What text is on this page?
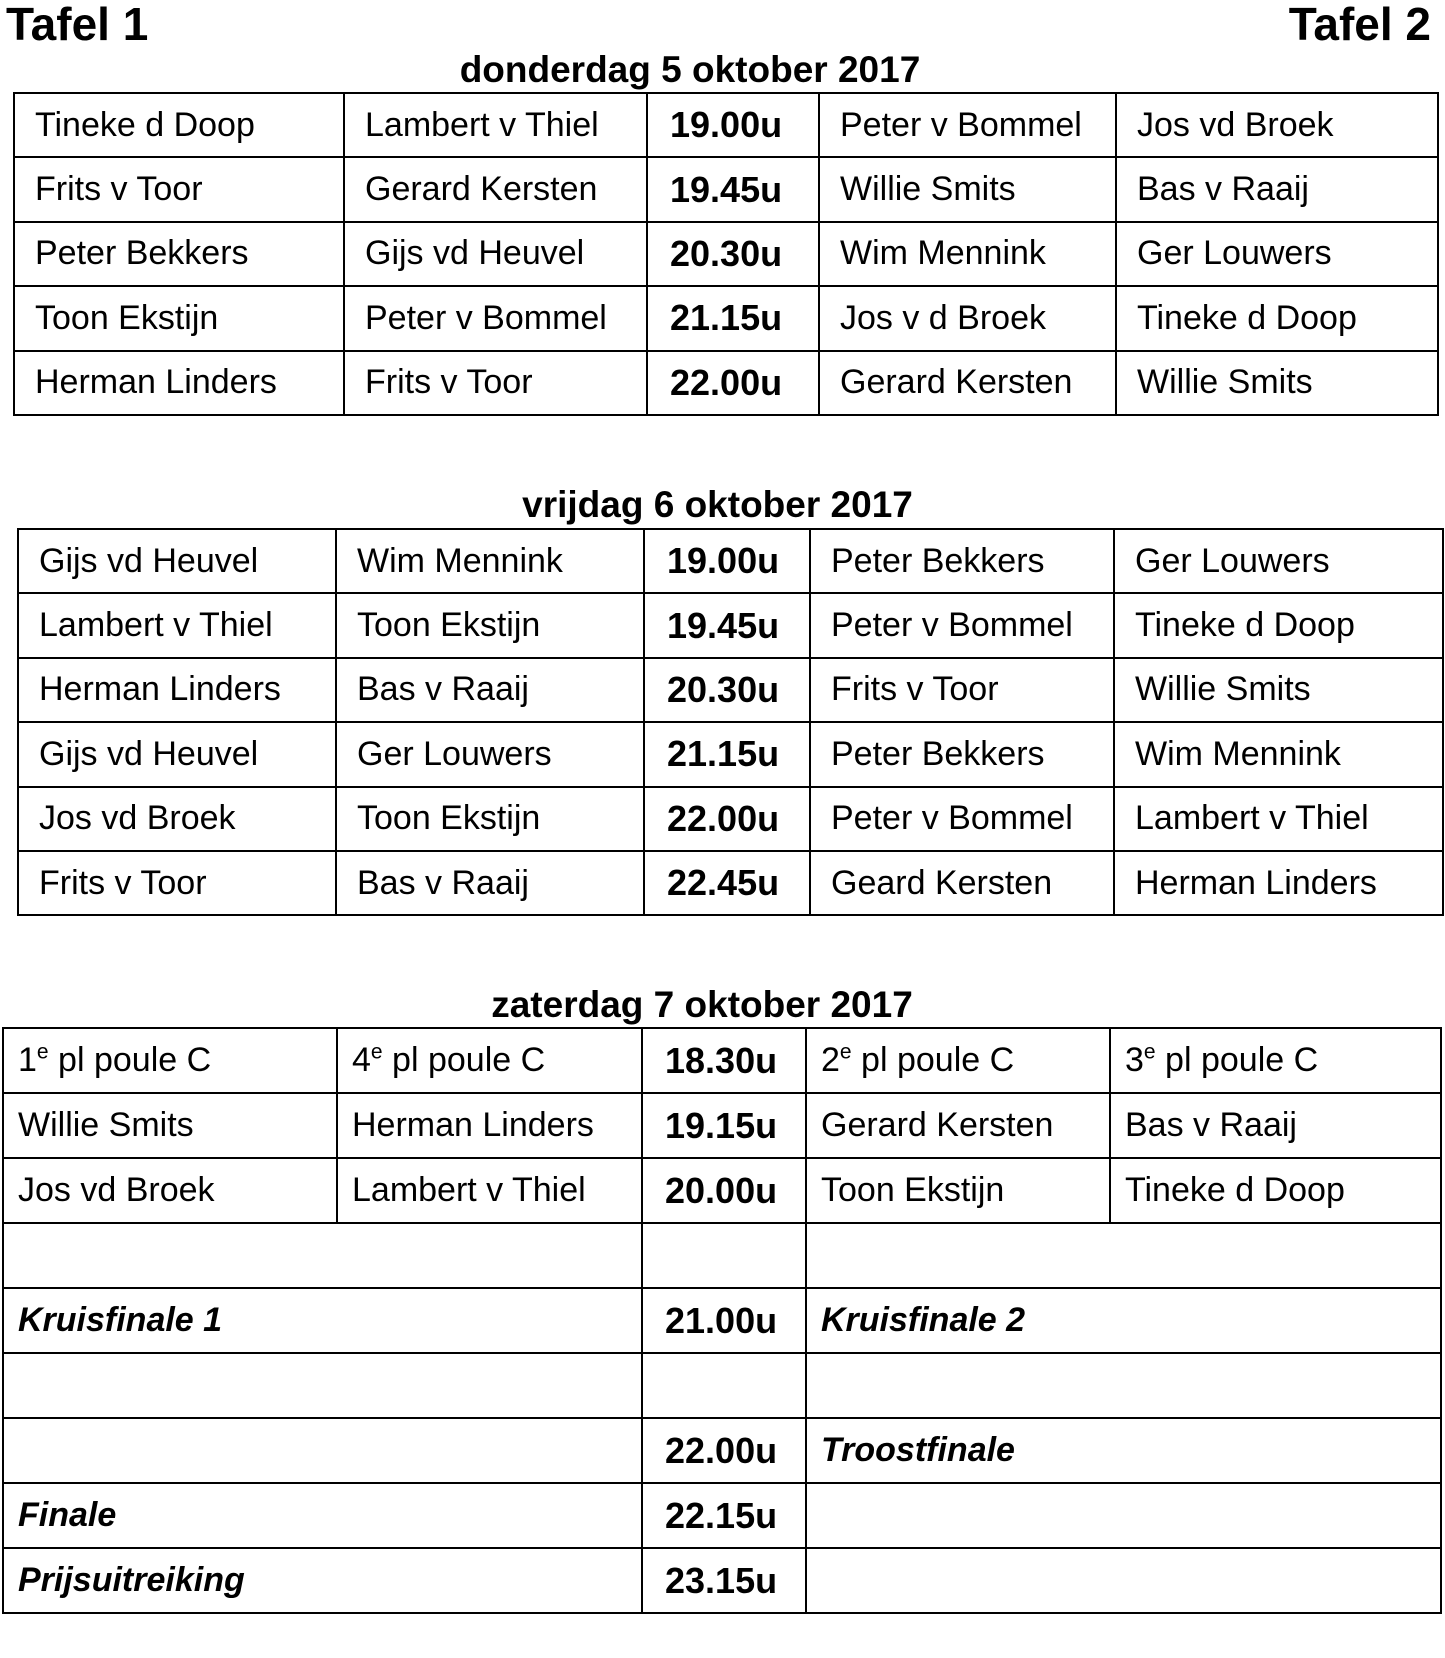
Tafel 1	Tafel 2
donderdag 5 oktober 2017
Tineke d Doop	Lambert v Thiel	19.00u	Peter v Bommel	Jos vd Broek
Frits v Toor	Gerard Kersten	19.45u	Willie Smits	Bas v Raaij
Peter Bekkers	Gijs vd Heuvel	20.30u	Wim Mennink	Ger Louwers
Toon Ekstijn	Peter v Bommel	21.15u	Jos v d Broek	Tineke d Doop
Herman Linders	Frits v Toor	22.00u	Gerard Kersten	Willie Smits
vrijdag 6 oktober 2017
Gijs vd Heuvel	Wim Mennink	19.00u	Peter Bekkers	Ger Louwers
Lambert v Thiel	Toon Ekstijn	19.45u	Peter v Bommel	Tineke d Doop
Herman Linders	Bas v Raaij	20.30u	Frits v Toor	Willie Smits
Gijs vd Heuvel	Ger Louwers	21.15u	Peter Bekkers	Wim Mennink
Jos vd Broek	Toon Ekstijn	22.00u	Peter v Bommel	Lambert v Thiel
Frits v Toor	Bas v Raaij	22.45u	Geard Kersten	Herman Linders
zaterdag 7 oktober 2017
1e pl poule C	4e pl poule C	18.30u	2e pl poule C	3e pl poule C
Willie Smits	Herman Linders	19.15u	Gerard Kersten	Bas v Raaij
Jos vd Broek	Lambert v Thiel	20.00u	Toon Ekstijn	Tineke d Doop

Kruisfinale 1		21.00u	Kruisfinale 2	

		22.00u	Troostfinale	
Finale		22.15u		
Prijsuitreiking		23.15u		
